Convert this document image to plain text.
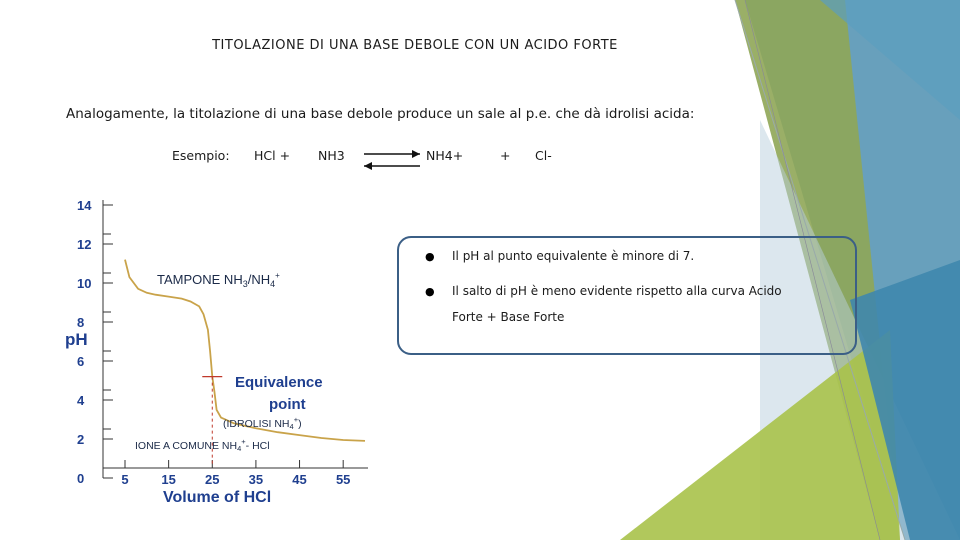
TITOLAZIONE DI UNA BASE DEBOLE CON UN ACIDO FORTE
Analogamente, la titolazione di una base debole produce un sale al p.e. che dà idrolisi acida:
Esempio: HCl + NH3 ⇌ NH4+	+ Cl-
● Il pH al punto equivalente è minore di 7.
● Il salto di pH è meno evidente rispetto alla curva Acido
Forte + Base Forte
0
2
4
6
8
10
12
14
5	15 25 35 45 55
pH
Volume of HCl
Equivalence
point
TAMPONE $NH_3/NH_4^+$
(IDROLISI NH4+)
IONE A COMUNE NH4+- HCl
